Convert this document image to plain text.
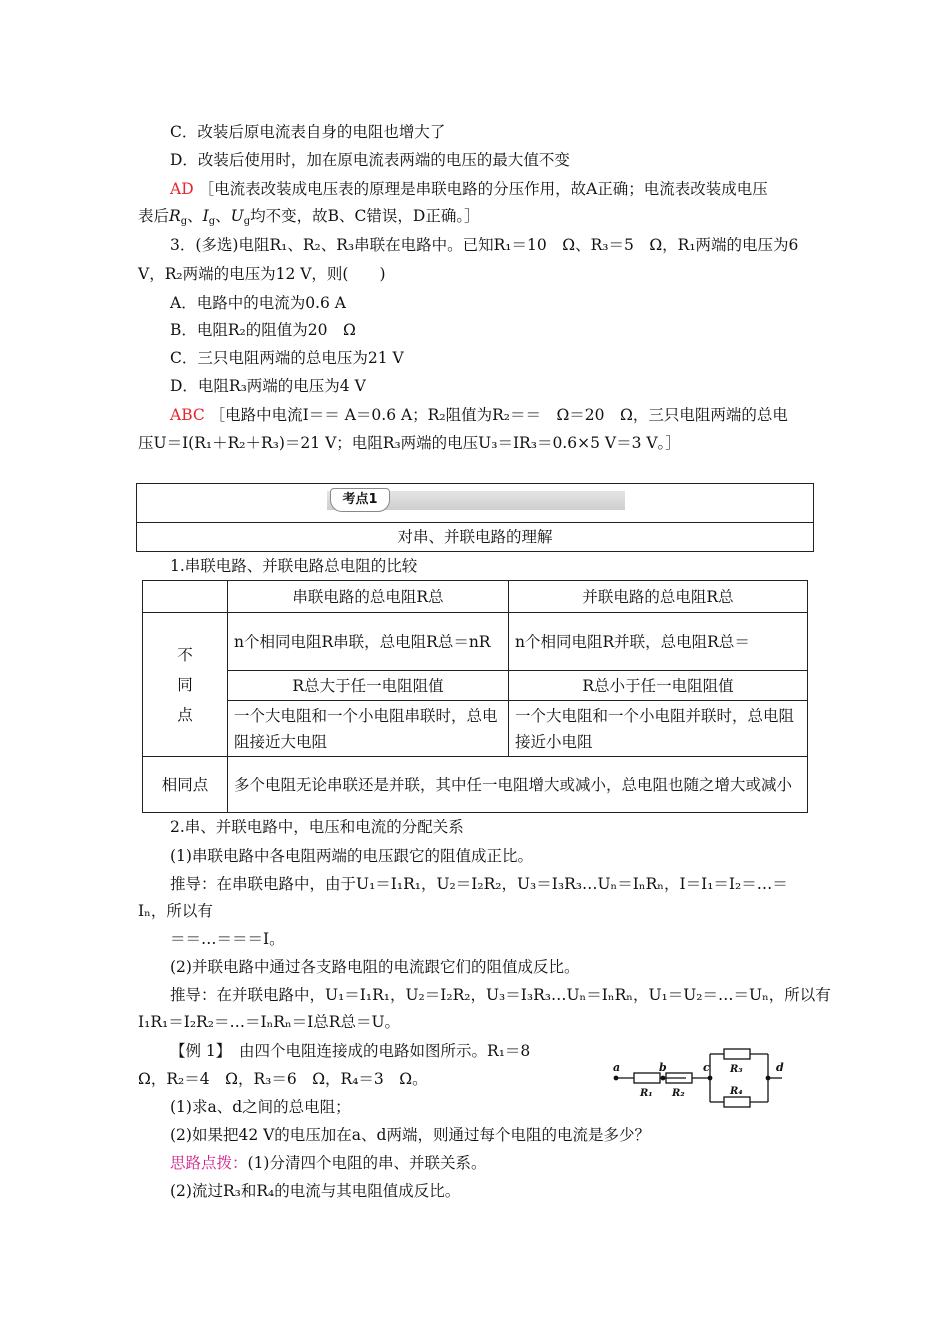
C．改装后原电流表自身的电阻也增大了
D．改装后使用时，加在原电流表两端的电压的最大值不变
AD ［电流表改装成电压表的原理是串联电路的分压作用，故A正确；电流表改装成电压
表后$R_g$、$I_g$、$U_g$均不变，故B、C错误，D正确。］
3．(多选)电阻R₁、R₂、R₃串联在电路中。已知R₁＝10　Ω、R₃＝5　Ω，R₁两端的电压为6
V，R₂两端的电压为12 V，则(　　)
A．电路中的电流为0.6 A
B．电阻R₂的阻值为20　Ω
C．三只电阻两端的总电压为21 V
D．电阻R₃两端的电压为4 V
ABC ［电路中电流I＝＝ A＝0.6 A；R₂阻值为R₂＝＝　Ω＝20　Ω，三只电阻两端的总电
压U＝I(R₁＋R₂＋R₃)＝21 V；电阻R₃两端的电压U₃＝IR₃＝0.6×5 V＝3 V。］
对串、并联电路的理解
考点1
1.串联电路、并联电路总电阻的比较
	串联电路的总电阻R总	并联电路的总电阻R总
不
同
点	n个相同电阻R串联，总电阻R总＝nR	n个相同电阻R并联，总电阻R总＝
	R总大于任一电阻阻值	R总小于任一电阻阻值
	一个大电阻和一个小电阻串联时，总电阻接近大电阻	一个大电阻和一个小电阻并联时，总电阻接近小电阻
相同点	多个电阻无论串联还是并联，其中任一电阻增大或减小，总电阻也随之增大或减小	
2.串、并联电路中，电压和电流的分配关系
(1)串联电路中各电阻两端的电压跟它的阻值成正比。
推导：在串联电路中，由于U₁＝I₁R₁，U₂＝I₂R₂，U₃＝I₃R₃…Uₙ＝IₙRₙ，I＝I₁＝I₂＝…＝
Iₙ，所以有
＝＝…＝＝＝I。
(2)并联电路中通过各支路电阻的电流跟它们的阻值成反比。
推导：在并联电路中，U₁＝I₁R₁，U₂＝I₂R₂，U₃＝I₃R₃…Uₙ＝IₙRₙ，U₁＝U₂＝…＝Uₙ，所以有
I₁R₁＝I₂R₂＝…＝IₙRₙ＝I总R总＝U。
【例 1】　由四个电阻连接成的电路如图所示。R₁＝8
Ω，R₂＝4　Ω，R₃＝6　Ω，R₄＝3　Ω。
(1)求a、d之间的总电阻；
(2)如果把42 V的电压加在a、d两端，则通过每个电阻的电流是多少？
思路点拨：(1)分清四个电阻的串、并联关系。
(2)流过R₃和R₄的电流与其电阻值成反比。
a	b	c	d
R₁ R₂
R₃
R₄
